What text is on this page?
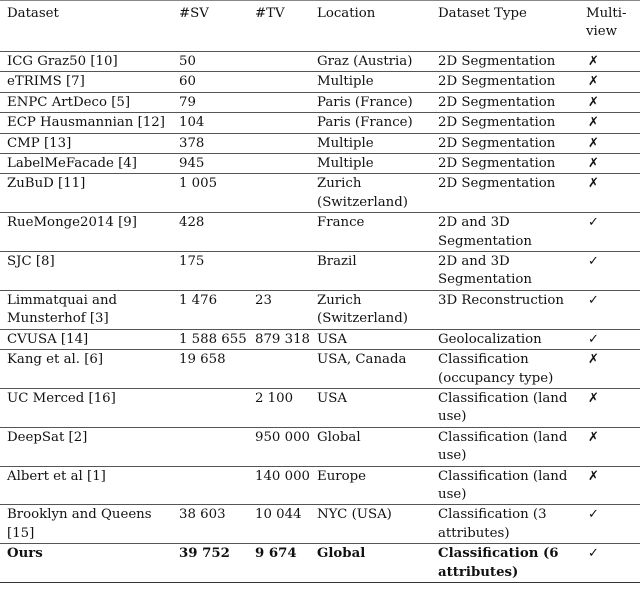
Dataset	#SV	#TV	Location	Dataset Type	Multi-view
ICG Graz50 [10]	50		Graz (Austria)	2D Segmentation	✗
eTRIMS [7]	60		Multiple	2D Segmentation	✗
ENPC ArtDeco [5]	79		Paris (France)	2D Segmentation	✗
ECP Hausmannian [12]	104		Paris (France)	2D Segmentation	✗
CMP [13]	378		Multiple	2D Segmentation	✗
LabelMeFacade [4]	945		Multiple	2D Segmentation	✗
ZuBuD [11]	1 005		Zurich (Switzerland)	2D Segmentation	✗
RueMonge2014 [9]	428		France	2D and 3D Segmentation	✓
SJC [8]	175		Brazil	2D and 3D Segmentation	✓
Limmatquai and Munsterhof [3]	1 476	23	Zurich (Switzerland)	3D Reconstruction	✓
CVUSA [14]	1 588 655	879 318	USA	Geolocalization	✓
Kang et al. [6]	19 658		USA, Canada	Classification (occupancy type)	✗
UC Merced [16]		2 100	USA	Classification (land use)	✗
DeepSat [2]		950 000	Global	Classification (land use)	✗
Albert et al [1]		140 000	Europe	Classification (land use)	✗
Brooklyn and Queens [15]	38 603	10 044	NYC (USA)	Classification (3 attributes)	✓
Ours	39 752	9 674	Global	Classification (6 attributes)	✓
